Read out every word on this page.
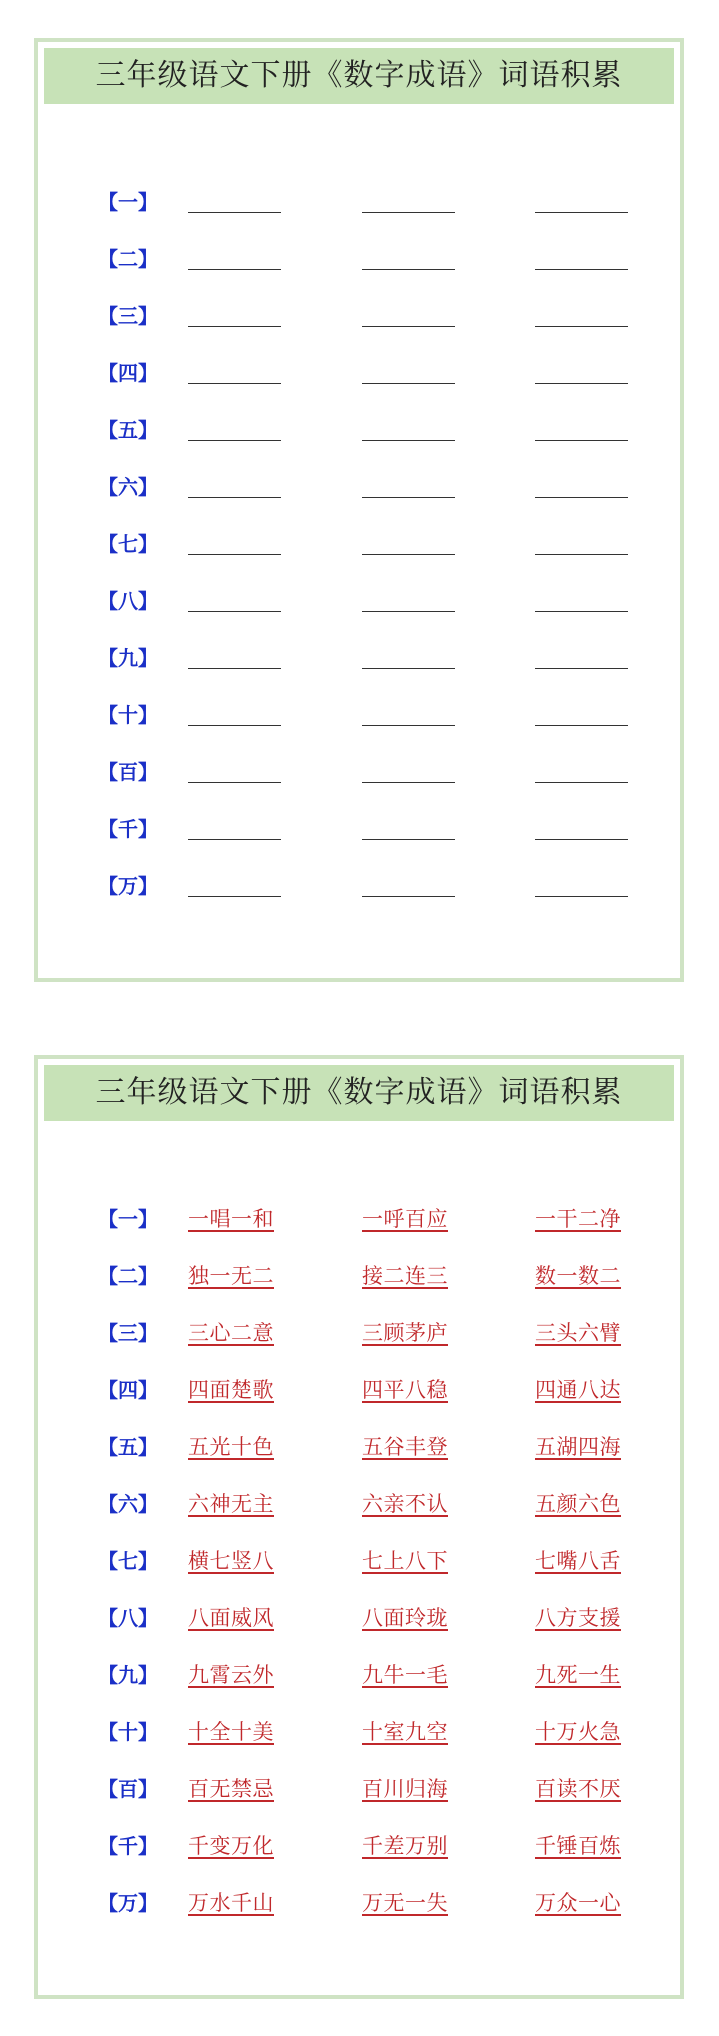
三年级语文下册《数字成语》词语积累
【一】
【二】
【三】
【四】
【五】
【六】
【七】
【八】
【九】
【十】
【百】
【千】
【万】
三年级语文下册《数字成语》词语积累
【一】	一唱一和	一呼百应	一干二净
【二】	独一无二	接二连三	数一数二
【三】	三心二意	三顾茅庐	三头六臂
【四】	四面楚歌	四平八稳	四通八达
【五】	五光十色	五谷丰登	五湖四海
【六】	六神无主	六亲不认	五颜六色
【七】	横七竖八	七上八下	七嘴八舌
【八】	八面威风	八面玲珑	八方支援
【九】	九霄云外	九牛一毛	九死一生
【十】	十全十美	十室九空	十万火急
【百】	百无禁忌	百川归海	百读不厌
【千】	千变万化	千差万别	千锤百炼
【万】	万水千山	万无一失	万众一心
